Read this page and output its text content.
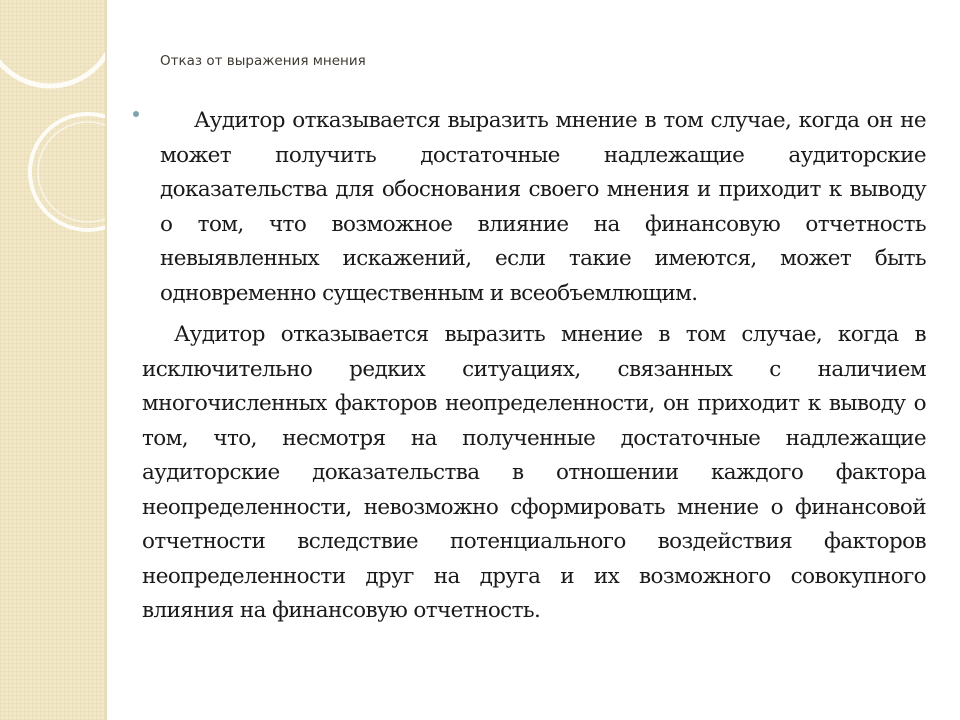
Отказ от выражения мнения

Аудитор отказывается выразить мнение в том случае, когда он не может получить достаточные надлежащие аудиторские доказательства для обоснования своего мнения и приходит к выводу о том, что возможное влияние на финансовую отчетность невыявленных искажений, если такие имеются, может быть одновременно существенным и всеобъемлющим.

Аудитор отказывается выразить мнение в том случае, когда в исключительно редких ситуациях, связанных с наличием многочисленных факторов неопределенности, он приходит к выводу о том, что, несмотря на полученные достаточные надлежащие аудиторские доказательства в отношении каждого фактора неопределенности, невозможно сформировать мнение о финансовой отчетности вследствие потенциального воздействия факторов неопределенности друг на друга и их возможного совокупного влияния на финансовую отчетность.
